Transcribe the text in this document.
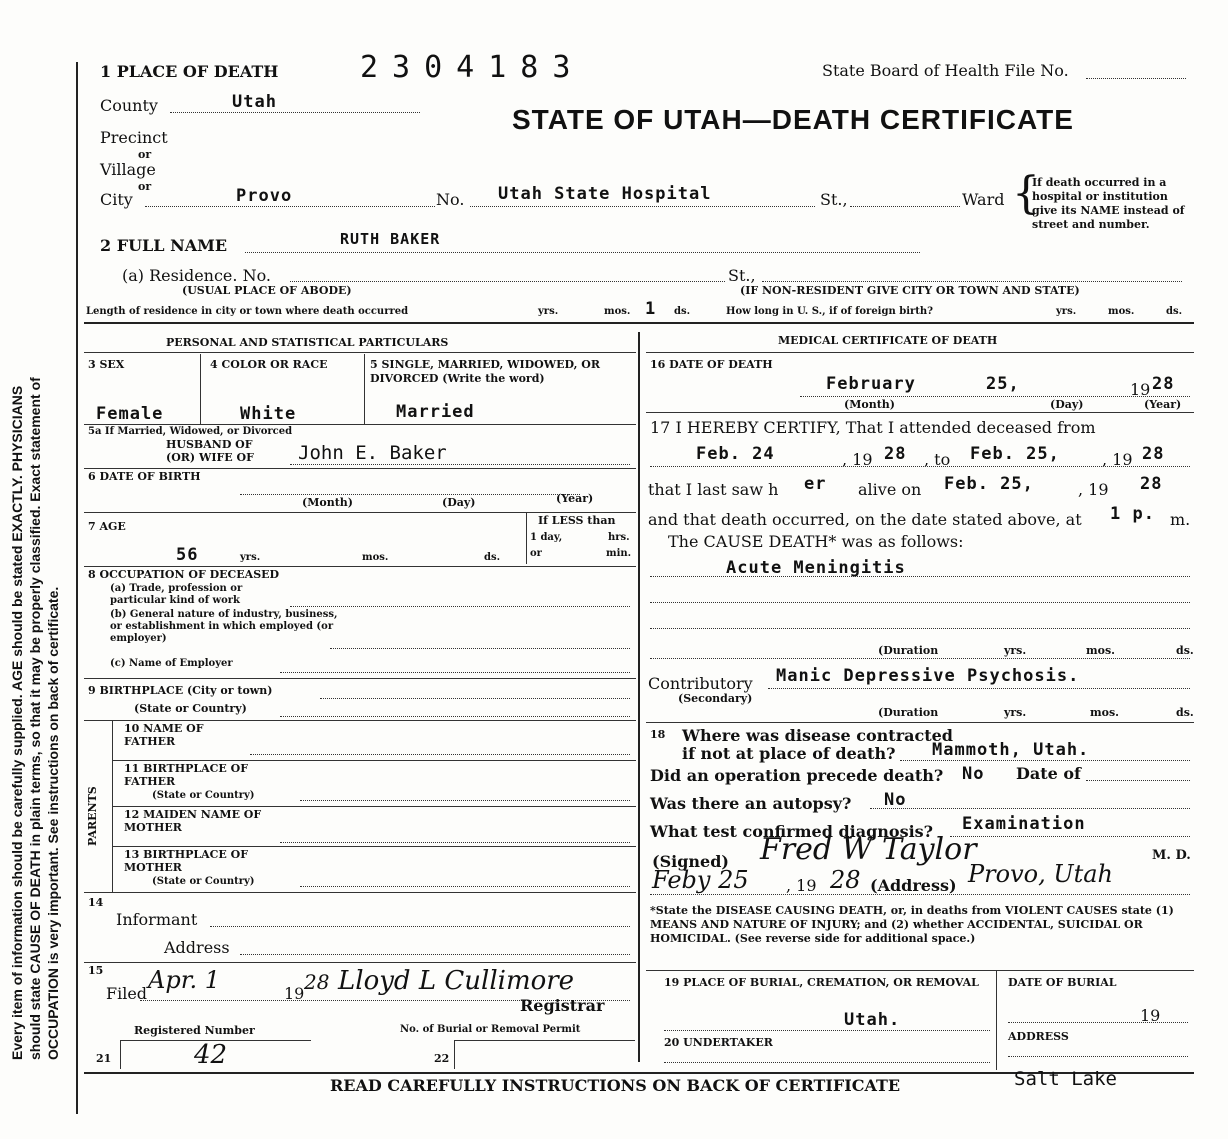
Every item of information should be carefully supplied. AGE should be stated EXACTLY. PHYSICIANS should state CAUSE OF DEATH in plain terms, so that it may be properly classified. Exact statement of OCCUPATION is very important. See instructions on back of certificate.
1 PLACE OF DEATH	2304183	State Board of Health File No.
STATE OF UTAH—DEATH CERTIFICATE
County	Utah
Precinct
or
Village
or
City	Provo	No. Utah State Hospital	St.,	Ward {
If death occurred in a hospital or institution give its NAME instead of street and number.
2 FULL NAME	RUTH BAKER
(a) Residence. No.
(USUAL PLACE OF ABODE)
St.,
(IF NON-RESIDENT GIVE CITY OR TOWN AND STATE)
Length of residence in city or town where death occurred	yrs.	mos. 1 ds.	How long in U. S., if of foreign birth?	yrs.	mos.	ds.
PERSONAL AND STATISTICAL PARTICULARS
3 SEX	4 COLOR OR RACE	5 SINGLE, MARRIED, WIDOWED, OR DIVORCED (Write the word)
Female	White	Married
5a If Married, Widowed, or Divorced
HUSBAND OF
(OR) WIFE OF John E. Baker
6 DATE OF BIRTH
(Month)	(Day)	(Year)
7 AGE
56	yrs.	mos.	ds.
If LESS than
1 day,	hrs.
or	min.
8 OCCUPATION OF DECEASED
(a) Trade, profession or particular kind of work
(b) General nature of industry, business, or establishment in which employed (or employer)
(c) Name of Employer
9 BIRTHPLACE (City or town)
(State or Country)
PARENTS
10 NAME OF FATHER
11 BIRTHPLACE OF FATHER
(State or Country)
12 MAIDEN NAME OF MOTHER
13 BIRTHPLACE OF MOTHER
(State or Country)
14
Informant
Address
15
Filed Apr. 1	19 28 Lloyd L Cullimore
Registrar
Registered Number	No. of Burial or Removal Permit
21	42	22
MEDICAL CERTIFICATE OF DEATH
16 DATE OF DEATH
February	25,	19 28
(Month)	(Day)	(Year)
17 I HEREBY CERTIFY, That I attended deceased from
Feb. 24	, 19 28 , to Feb. 25,	, 19 28
that I last saw h er alive on Feb. 25,	, 19 28
and that death occurred, on the date stated above, at 1 p. m.
The CAUSE DEATH* was as follows:
Acute Meningitis
(Duration	yrs.	mos.	ds.
Contributory
(Secondary)
Manic Depressive Psychosis.
(Duration	yrs.	mos.	ds.
18 Where was disease contracted
if not at place of death? Mammoth, Utah.
Did an operation precede death? No Date of
Was there an autopsy? No
What test confirmed diagnosis? Examination
(Signed) Fred W Taylor	M. D.
Feby 25 , 19 28 (Address) Provo, Utah
*State the DISEASE CAUSING DEATH, or, in deaths from VIOLENT CAUSES state (1) MEANS AND NATURE OF INJURY; and (2) whether ACCIDENTAL, SUICIDAL OR HOMICIDAL. (See reverse side for additional space.)
19 PLACE OF BURIAL, CREMATION, OR REMOVAL
Utah.
DATE OF BURIAL
19
20 UNDERTAKER	ADDRESS
Salt Lake
READ CAREFULLY INSTRUCTIONS ON BACK OF CERTIFICATE
